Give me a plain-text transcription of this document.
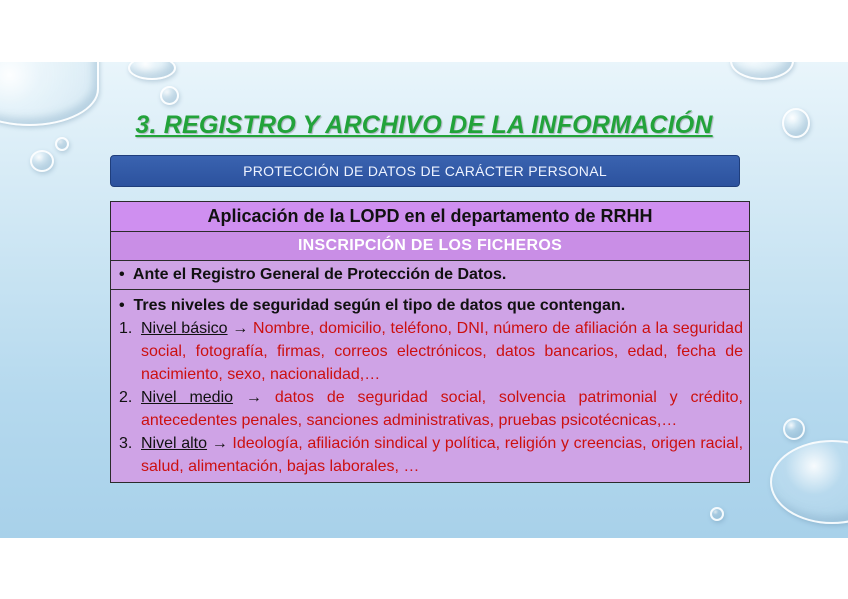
3. REGISTRO Y ARCHIVO DE LA INFORMACIÓN
PROTECCIÓN DE DATOS DE CARÁCTER PERSONAL
Aplicación de la LOPD en el departamento de RRHH
INSCRIPCIÓN DE LOS FICHEROS
• Ante el Registro General de Protección de Datos.
• Tres niveles de seguridad según el tipo de datos que contengan.
1. Nivel básico → Nombre, domicilio, teléfono, DNI, número de afiliación a la seguridad social, fotografía, firmas, correos electrónicos, datos bancarios, edad, fecha de nacimiento, sexo, nacionalidad,…
2. Nivel medio → datos de seguridad social, solvencia patrimonial y crédito, antecedentes penales, sanciones administrativas, pruebas psicotécnicas,…
3. Nivel alto → Ideología, afiliación sindical y política, religión y creencias, origen racial, salud, alimentación, bajas laborales, …
